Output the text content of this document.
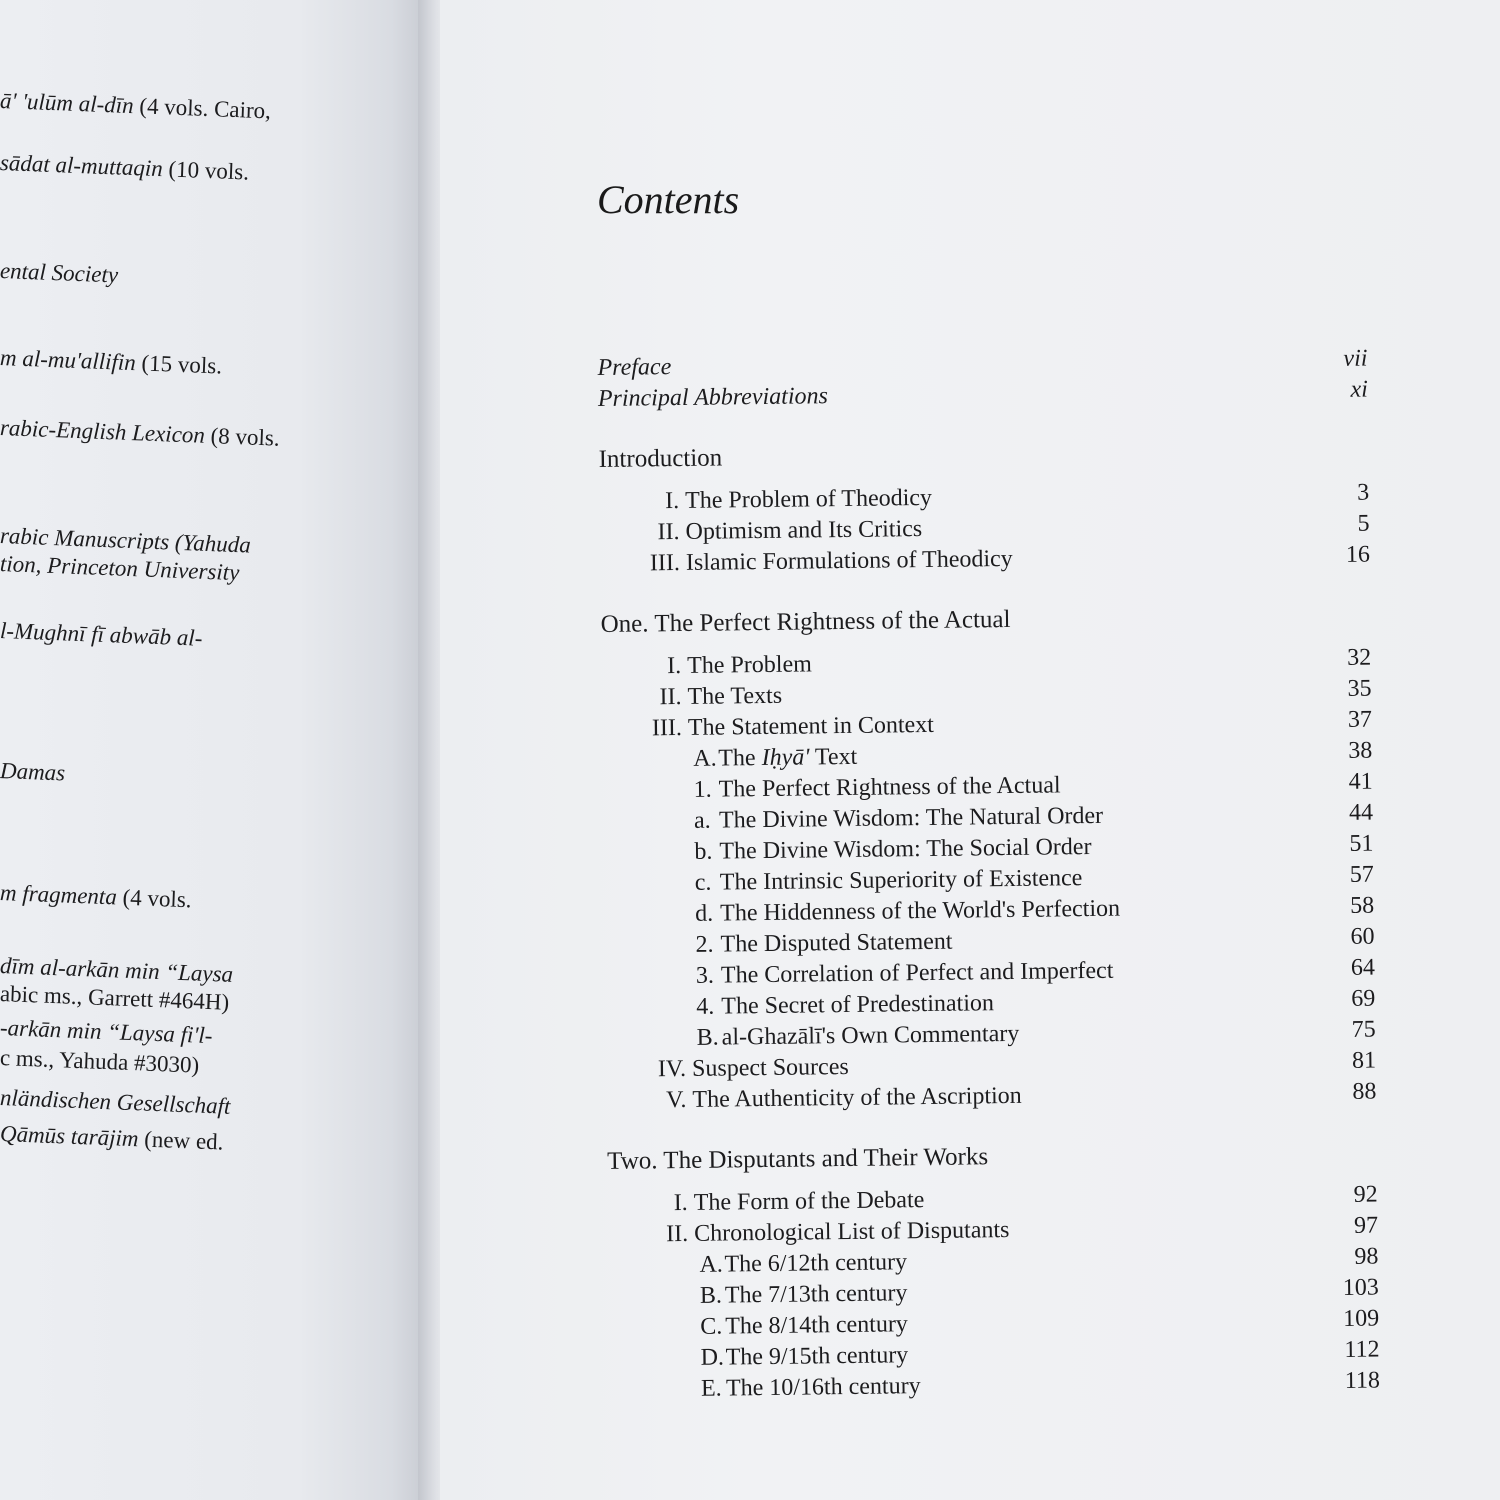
ā' 'ulūm al-dīn (4 vols. Cairo,
sādat al-muttaqin (10 vols.
ental Society
m al-mu'allifin (15 vols.
rabic-English Lexicon (8 vols.
rabic Manuscripts (Yahuda
tion, Princeton University
l-Mughnī fī abwāb al-
Damas
m fragmenta (4 vols.
dīm al-arkān min “Laysa
abic ms., Garrett #464H)
-arkān min “Laysa fi'l-
c ms., Yahuda #3030)
nländischen Gesellschaft
Qāmūs tarājim (new ed.
Contents
Preface	vii
Principal Abbreviations	xi
Introduction
I. The Problem of Theodicy	3
II. Optimism and Its Critics	5
III. Islamic Formulations of Theodicy	16
One. The Perfect Rightness of the Actual
I. The Problem	32
II. The Texts	35
III. The Statement in Context	37
A.The Iḥyā' Text	38
1. The Perfect Rightness of the Actual	41
a. The Divine Wisdom: The Natural Order	44
b. The Divine Wisdom: The Social Order	51
c. The Intrinsic Superiority of Existence	57
d. The Hiddenness of the World's Perfection	58
2. The Disputed Statement	60
3. The Correlation of Perfect and Imperfect	64
4. The Secret of Predestination	69
B. al-Ghazālī's Own Commentary	75
IV. Suspect Sources	81
V. The Authenticity of the Ascription	88
Two. The Disputants and Their Works
I. The Form of the Debate	92
II. Chronological List of Disputants	97
A.The 6/12th century	98
B. The 7/13th century	103
C. The 8/14th century	109
D.The 9/15th century	112
E. The 10/16th century	118
